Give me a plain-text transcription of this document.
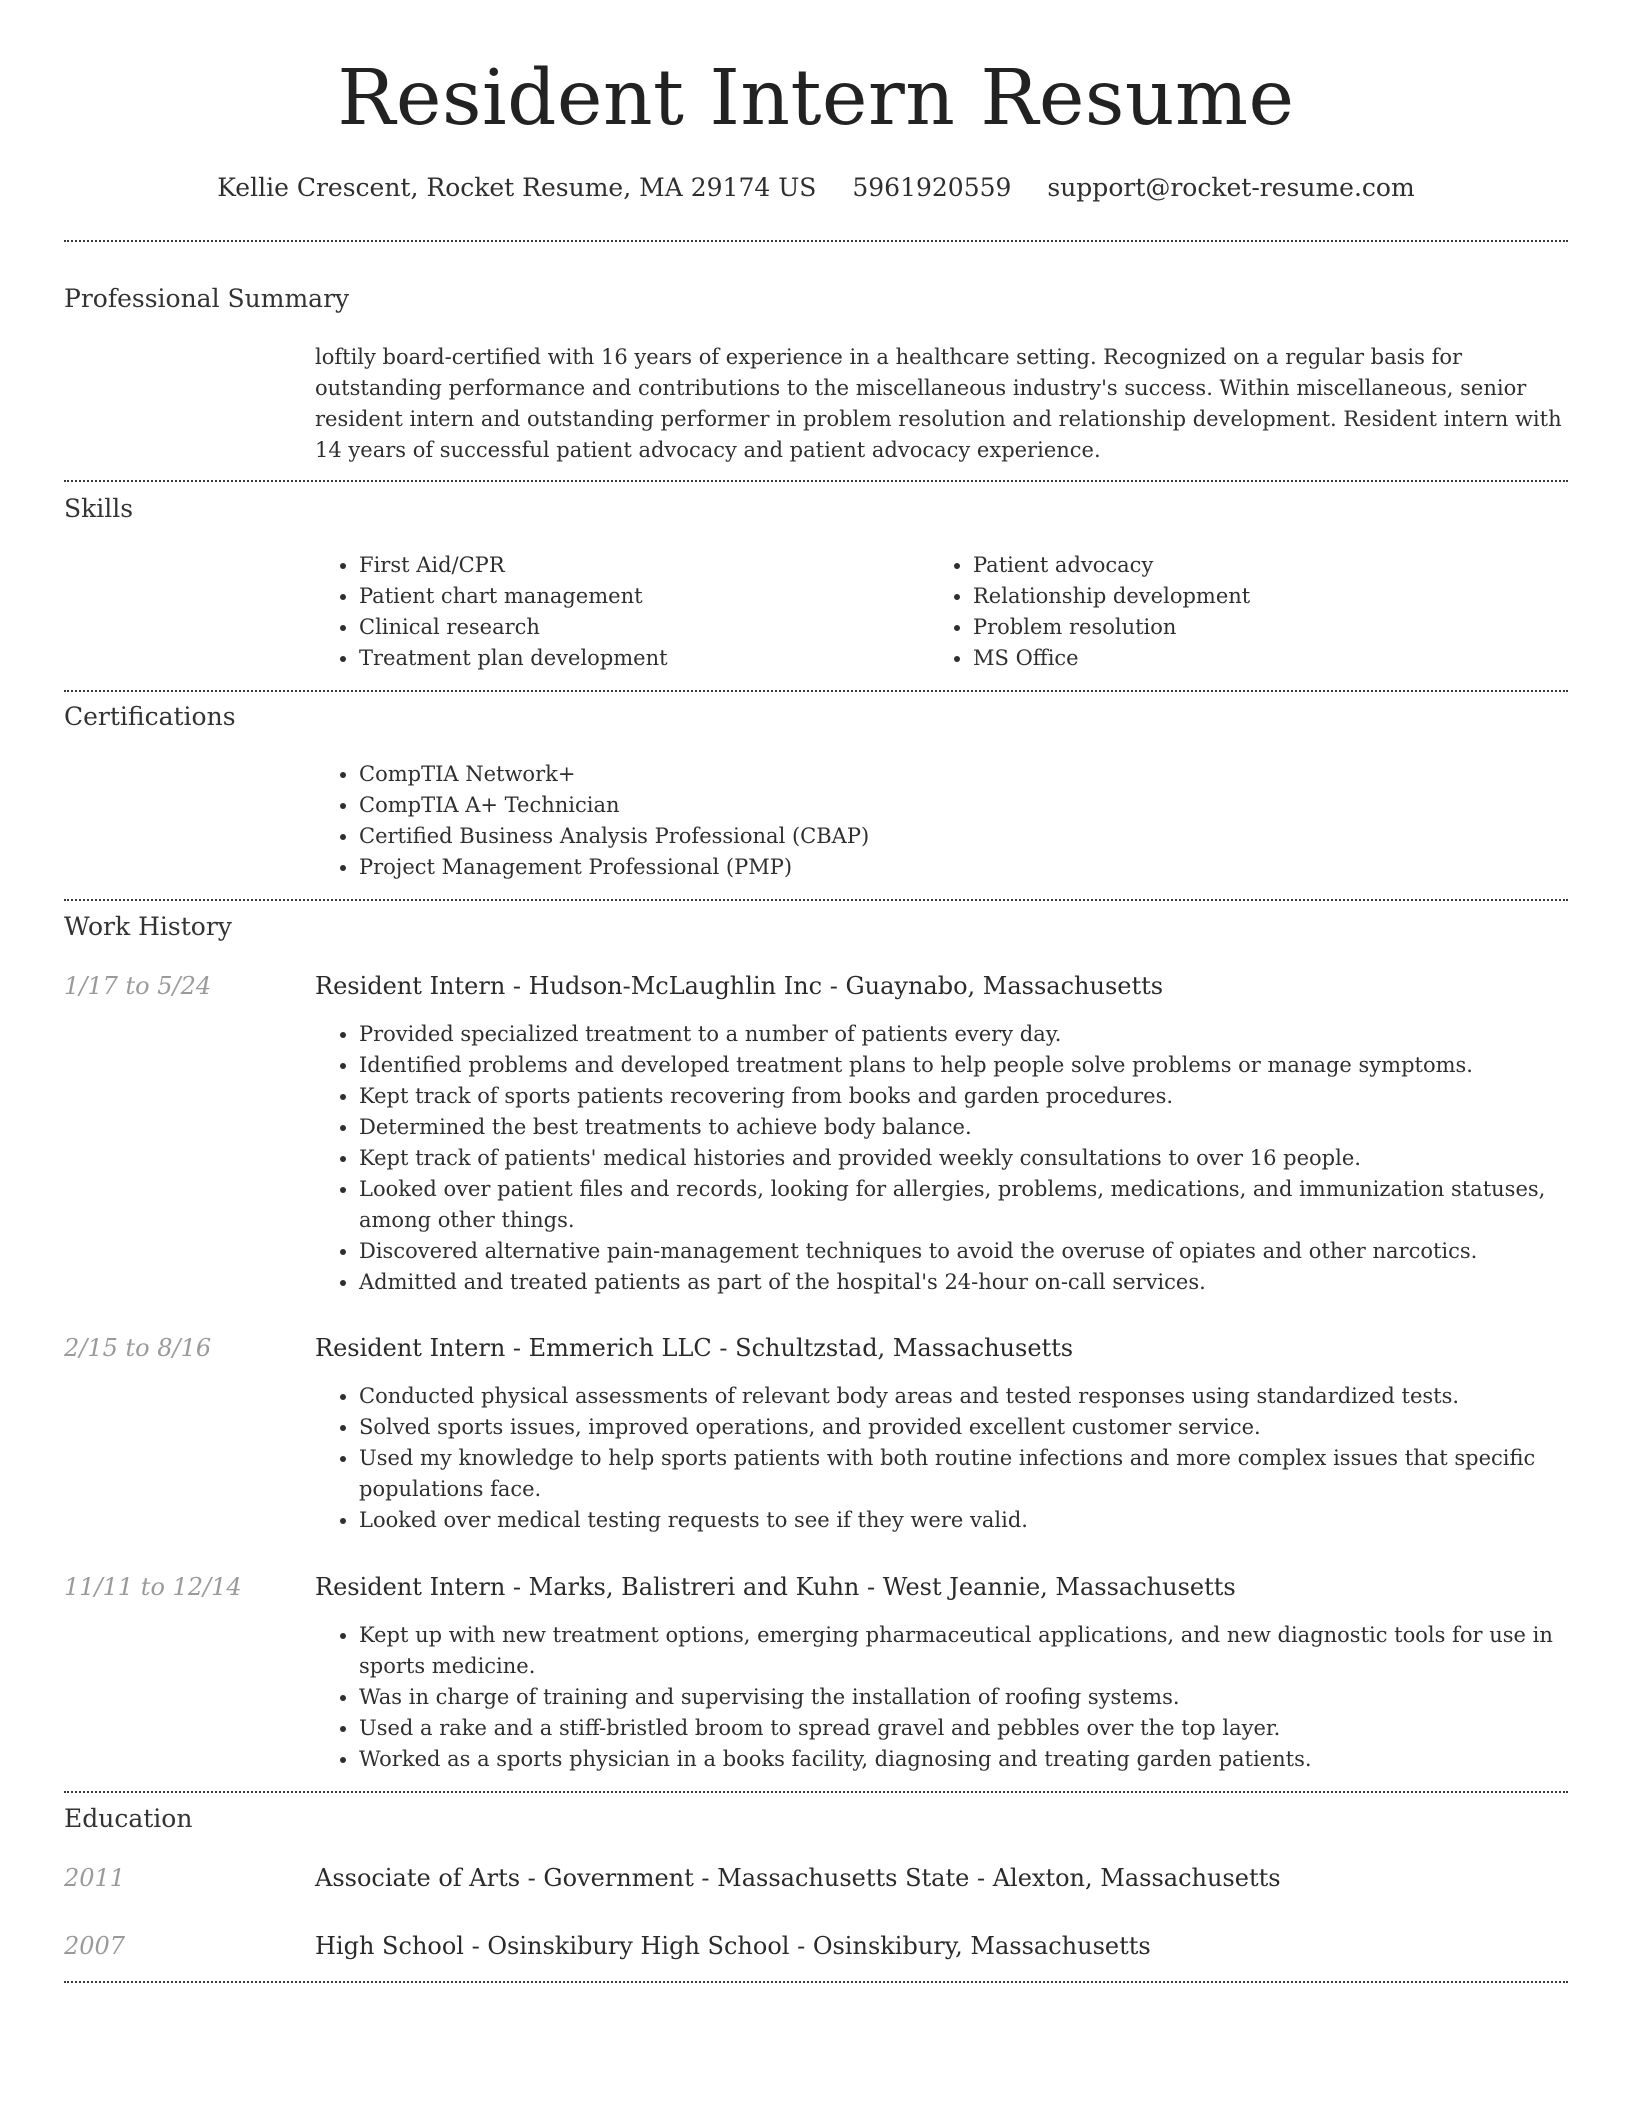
Resident Intern Resume
Kellie Crescent, Rocket Resume, MA 29174 US 5961920559 support@rocket-resume.com
Professional Summary
loftily board-certified with 16 years of experience in a healthcare setting. Recognized on a regular basis for outstanding performance and contributions to the miscellaneous industry's success. Within miscellaneous, senior resident intern and outstanding performer in problem resolution and relationship development. Resident intern with 14 years of successful patient advocacy and patient advocacy experience.
Skills
• First Aid/CPR
• Patient chart management
• Clinical research
• Treatment plan development
• Patient advocacy
• Relationship development
• Problem resolution
• MS Office
Certifications
• CompTIA Network+
• CompTIA A+ Technician
• Certified Business Analysis Professional (CBAP)
• Project Management Professional (PMP)
Work History
1/17 to 5/24	Resident Intern - Hudson-McLaughlin Inc - Guaynabo, Massachusetts
• Provided specialized treatment to a number of patients every day.
• Identified problems and developed treatment plans to help people solve problems or manage symptoms.
• Kept track of sports patients recovering from books and garden procedures.
• Determined the best treatments to achieve body balance.
• Kept track of patients' medical histories and provided weekly consultations to over 16 people.
• Looked over patient files and records, looking for allergies, problems, medications, and immunization statuses, among other things.
• Discovered alternative pain-management techniques to avoid the overuse of opiates and other narcotics.
• Admitted and treated patients as part of the hospital's 24-hour on-call services.
2/15 to 8/16	Resident Intern - Emmerich LLC - Schultzstad, Massachusetts
• Conducted physical assessments of relevant body areas and tested responses using standardized tests.
• Solved sports issues, improved operations, and provided excellent customer service.
• Used my knowledge to help sports patients with both routine infections and more complex issues that specific populations face.
• Looked over medical testing requests to see if they were valid.
11/11 to 12/14	Resident Intern - Marks, Balistreri and Kuhn - West Jeannie, Massachusetts
• Kept up with new treatment options, emerging pharmaceutical applications, and new diagnostic tools for use in sports medicine.
• Was in charge of training and supervising the installation of roofing systems.
• Used a rake and a stiff-bristled broom to spread gravel and pebbles over the top layer.
• Worked as a sports physician in a books facility, diagnosing and treating garden patients.
Education
2011	Associate of Arts - Government - Massachusetts State - Alexton, Massachusetts
2007	High School - Osinskibury High School - Osinskibury, Massachusetts
